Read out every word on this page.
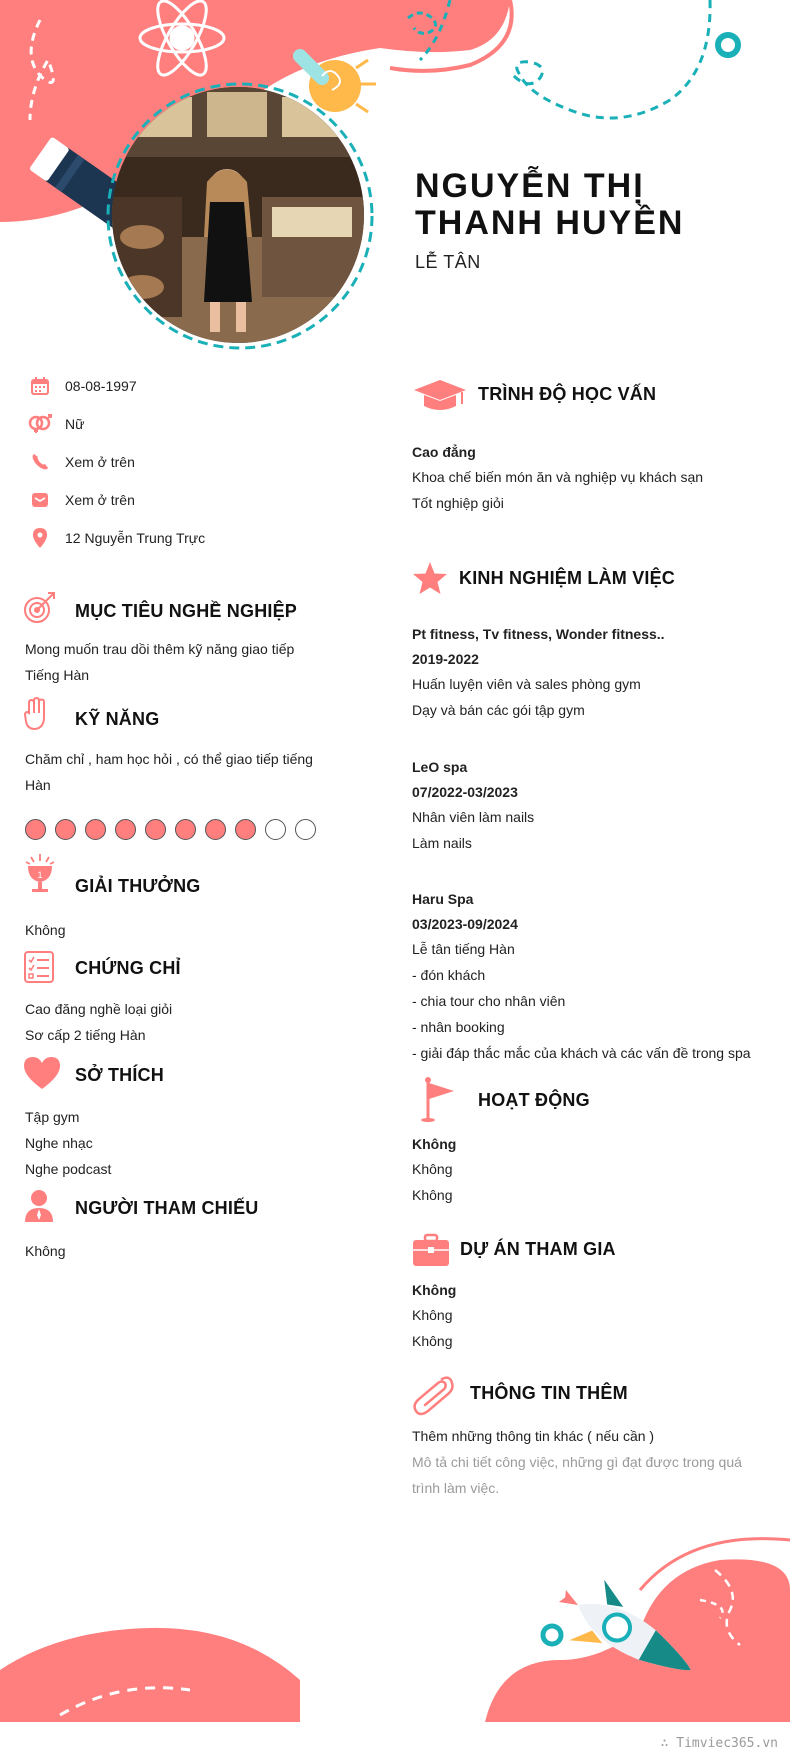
NGUYỄN THỊ THANH HUYỀN
LỄ TÂN
08-08-1997
Nữ
Xem ở trên
Xem ở trên
12 Nguyễn Trung Trực
MỤC TIÊU NGHỀ NGHIỆP
Mong muốn trau dồi thêm kỹ năng giao tiếp
Tiếng Hàn
KỸ NĂNG
Chăm chỉ , ham học hỏi , có thể giao tiếp tiếng
Hàn
1
GIẢI THƯỞNG
Không
CHỨNG CHỈ
Cao đăng nghề loại giỏi
Sơ cấp 2 tiếng Hàn
SỞ THÍCH
Tập gym
Nghe nhạc
Nghe podcast
NGƯỜI THAM CHIẾU
Không
TRÌNH ĐỘ HỌC VẤN
Cao đẳng
Khoa chế biến món ăn và nghiệp vụ khách sạn
Tốt nghiệp giỏi
KINH NGHIỆM LÀM VIỆC
Pt fitness, Tv fitness, Wonder fitness..
2019-2022
Huấn luyện viên và sales phòng gym
Dạy và bán các gói tập gym
LeO spa
07/2022-03/2023
Nhân viên làm nails
Làm nails
Haru Spa
03/2023-09/2024
Lễ tân tiếng Hàn
- đón khách
- chia tour cho nhân viên
- nhân booking
- giải đáp thắc mắc của khách và các vấn đề trong spa
HOẠT ĐỘNG
Không
Không
Không
DỰ ÁN THAM GIA
Không
Không
Không
THÔNG TIN THÊM
Thêm những thông tin khác ( nếu cần )
Mô tả chi tiết công việc, những gì đạt được trong quá
trình làm việc.
∴ Timviec365.vn
